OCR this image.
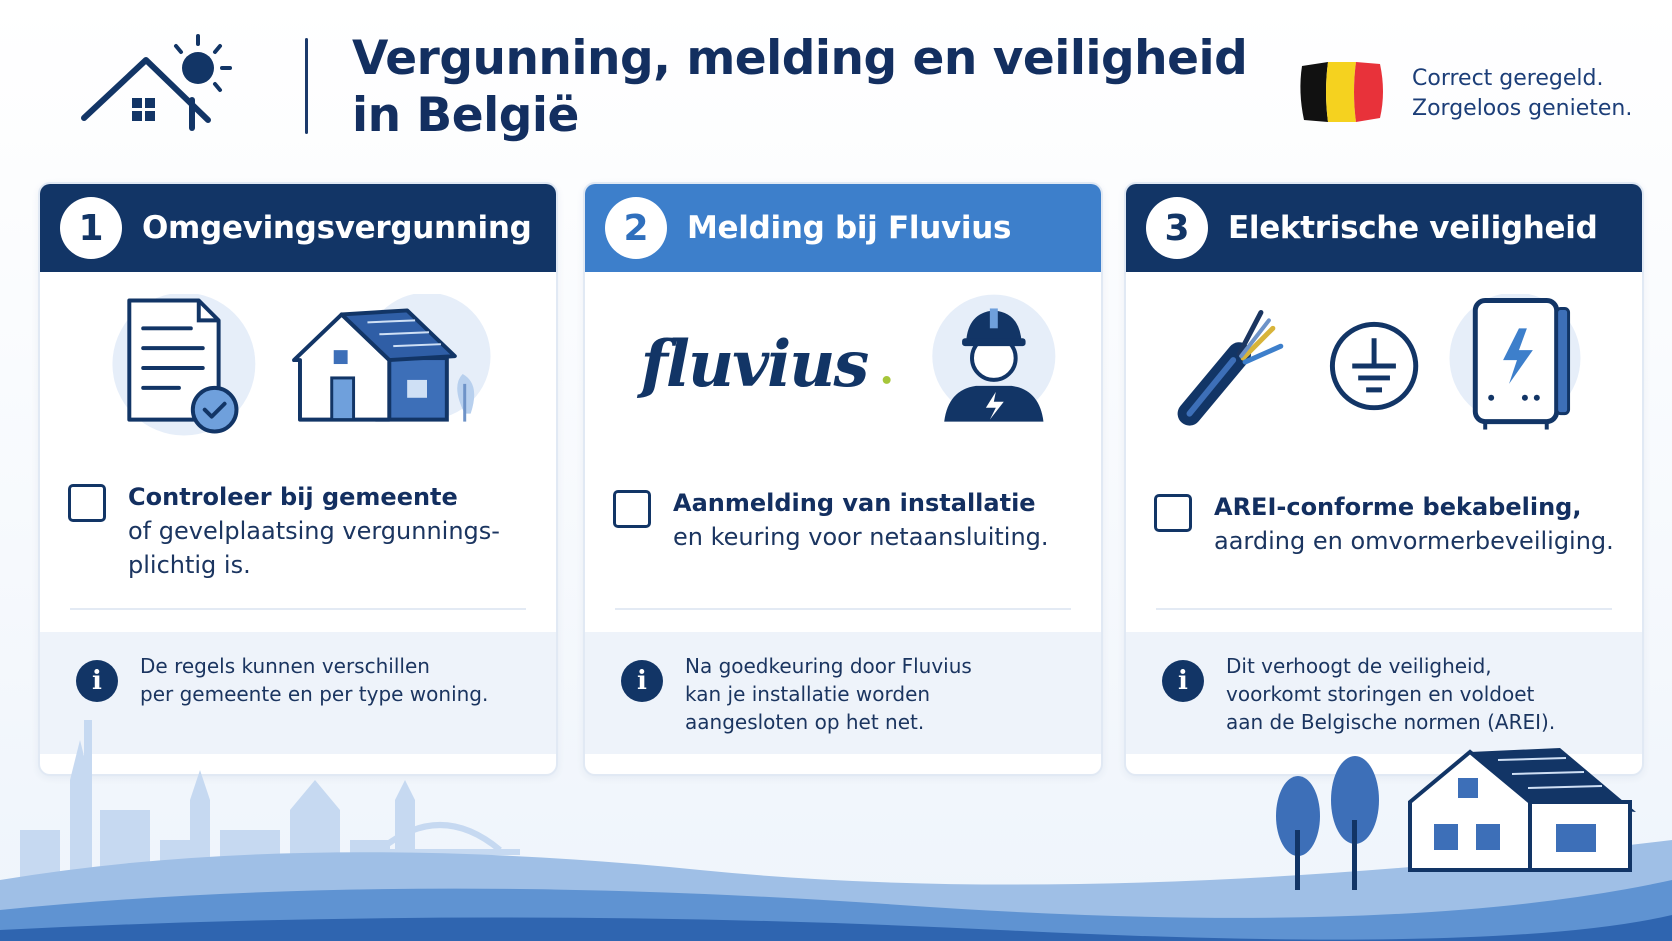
Vergunning, melding en veiligheid
in België
Correct geregeld.
Zorgeloos genieten.
1	Omgevingsvergunning
Controleer bij gemeente
of gevelplaatsing vergunnings-
plichtig is.
i	De regels kunnen verschillen
per gemeente en per type woning.
2	Melding bij Fluvius
fluvius
Aanmelding van installatie
en keuring voor netaansluiting.
i	Na goedkeuring door Fluvius
kan je installatie worden
aangesloten op het net.
3	Elektrische veiligheid
AREI-conforme bekabeling,
aarding en omvormerbeveiliging.
i	Dit verhoogt de veiligheid,
voorkomt storingen en voldoet
aan de Belgische normen (AREI).
